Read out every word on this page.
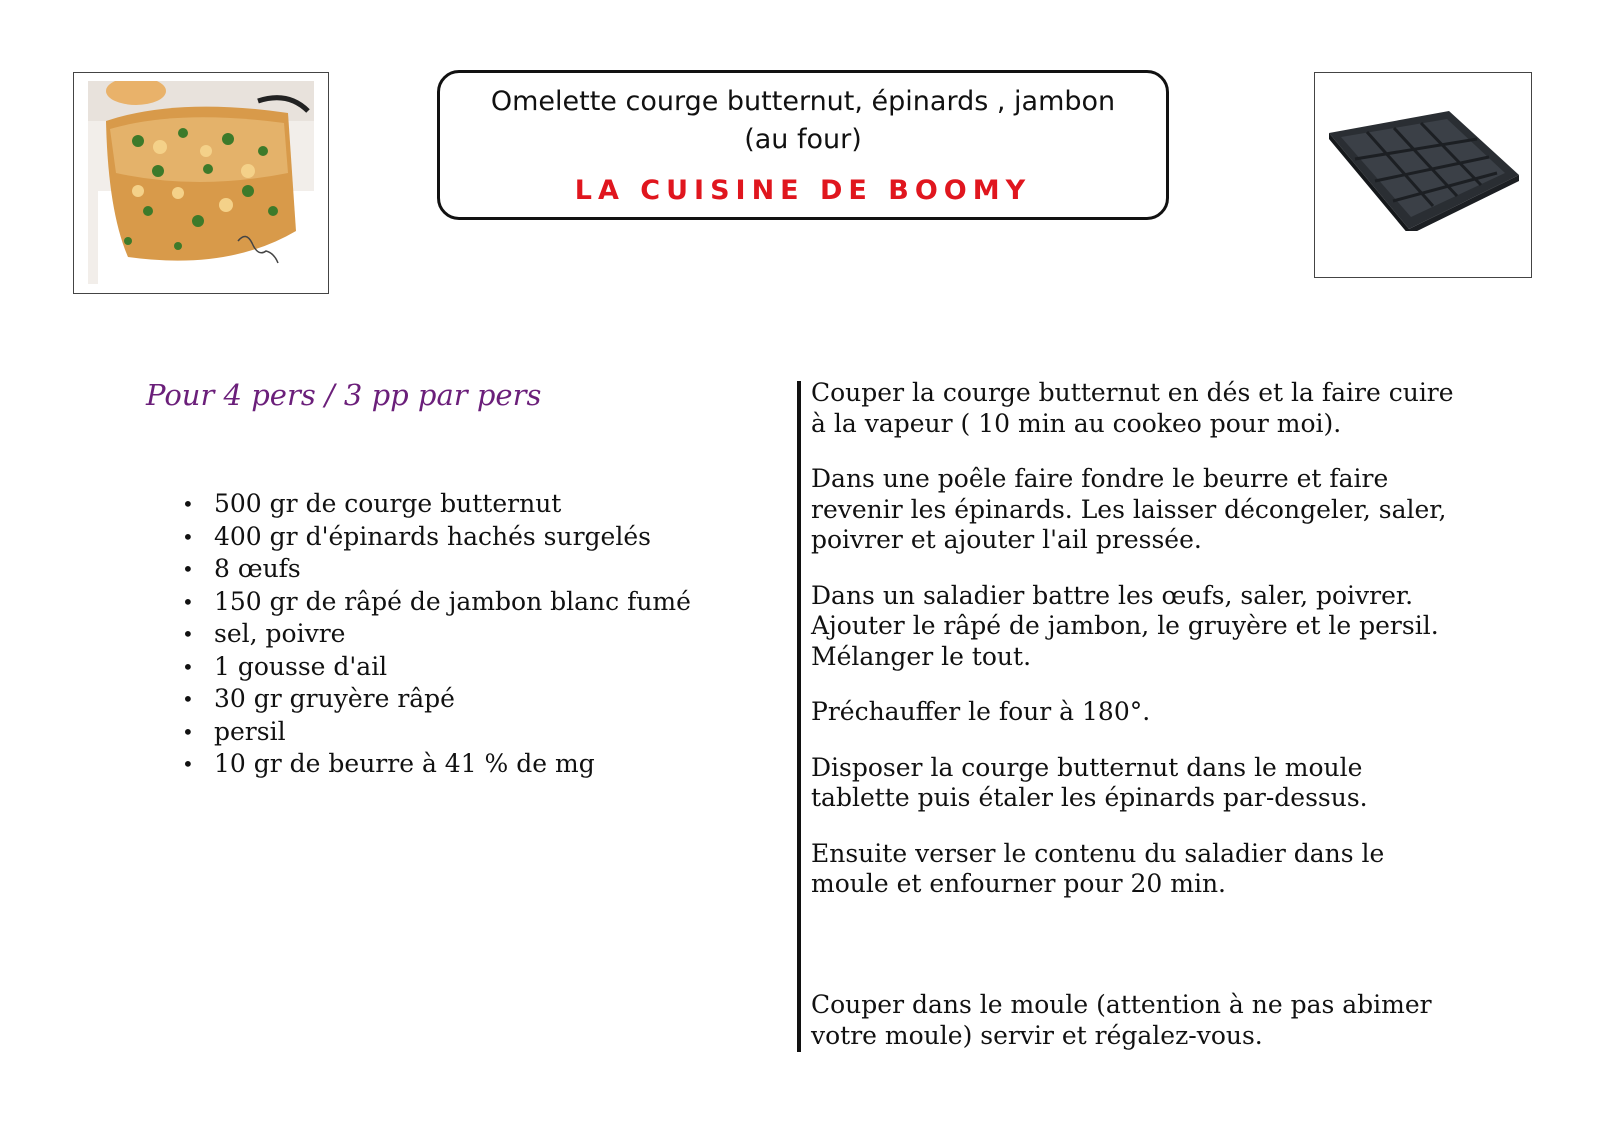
Omelette courge butternut, épinards , jambon
(au four)
LA CUISINE DE BOOMY
Pour 4 pers / 3 pp par pers
• 500 gr de courge butternut
• 400 gr d'épinards hachés surgelés
• 8 œufs
• 150 gr de râpé de jambon blanc fumé
• sel, poivre
• 1 gousse d'ail
• 30 gr gruyère râpé
• persil
• 10 gr de beurre à 41 % de mg
Couper la courge butternut en dés et la faire cuire
à la vapeur ( 10 min au cookeo pour moi).
Dans une poêle faire fondre le beurre et faire
revenir les épinards. Les laisser décongeler, saler,
poivrer et ajouter l'ail pressée.
Dans un saladier battre les œufs, saler, poivrer.
Ajouter le râpé de jambon, le gruyère et le persil.
Mélanger le tout.
Préchauffer le four à 180°.
Disposer la courge butternut dans le moule
tablette puis étaler les épinards par-dessus.
Ensuite verser le contenu du saladier dans le
moule et enfourner pour 20 min.
Couper dans le moule (attention à ne pas abimer
votre moule) servir et régalez-vous.
